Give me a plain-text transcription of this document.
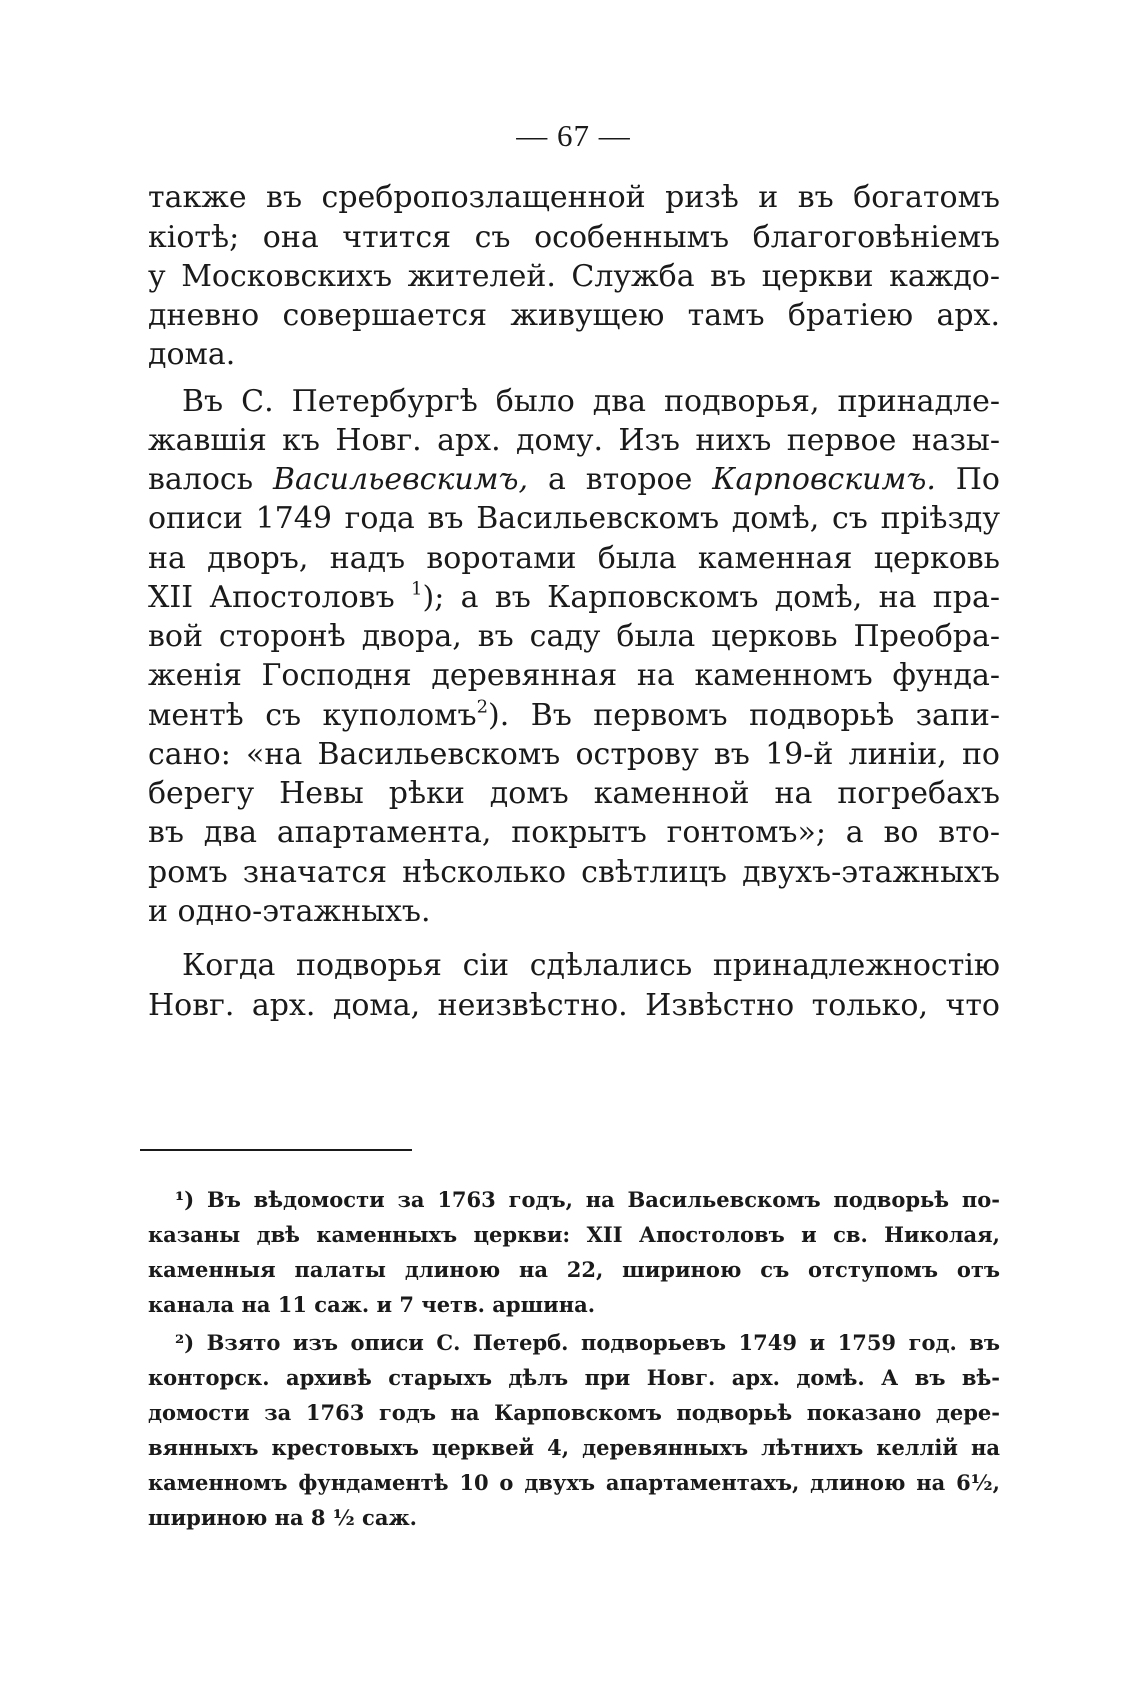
— 67 —
также въ сребропозлащенной ризѣ и въ богатомъ
кіотѣ; она чтится съ особеннымъ благоговѣніемъ
у Московскихъ жителей. Служба въ церкви каждо-
дневно совершается живущею тамъ братіею арх.
дома.
Въ С. Петербургѣ было два подворья, принадле-
жавшія къ Новг. арх. дому. Изъ нихъ первое назы-
валось Васильевскимъ, а второе Карповскимъ. По
описи 1749 года въ Васильевскомъ домѣ, съ пріѣзду
на дворъ, надъ воротами была каменная церковь
XII Апостоловъ $^1$); а въ Карповскомъ домѣ, на пра-
вой сторонѣ двора, въ саду была церковь Преобра-
женія Господня деревянная на каменномъ фунда-
ментѣ съ куполомъ$^2$). Въ первомъ подворьѣ запи-
сано: «на Васильевскомъ острову въ 19-й линіи, по
берегу Невы рѣки домъ каменной на погребахъ
въ два апартамента, покрытъ гонтомъ»; а во вто-
ромъ значатся нѣсколько свѣтлицъ двухъ-этажныхъ
и одно-этажныхъ.
Когда подворья сіи сдѣлались принадлежностію
Новг. арх. дома, неизвѣстно. Извѣстно только, что
¹) Въ вѣдомости за 1763 годъ, на Васильевскомъ подворьѣ по-
казаны двѣ каменныхъ церкви: XII Апостоловъ и св. Николая,
каменныя палаты длиною на 22, шириною съ отступомъ отъ
канала на 11 саж. и 7 четв. аршина.
²) Взято изъ описи С. Петерб. подворьевъ 1749 и 1759 год. въ
конторск. архивѣ старыхъ дѣлъ при Новг. арх. домѣ. А въ вѣ-
домости за 1763 годъ на Карповскомъ подворьѣ показано дере-
вянныхъ крестовыхъ церквей 4, деревянныхъ лѣтнихъ келлій на
каменномъ фундаментѣ 10 о двухъ апартаментахъ, длиною на 6½,
шириною на 8 ½ саж.
